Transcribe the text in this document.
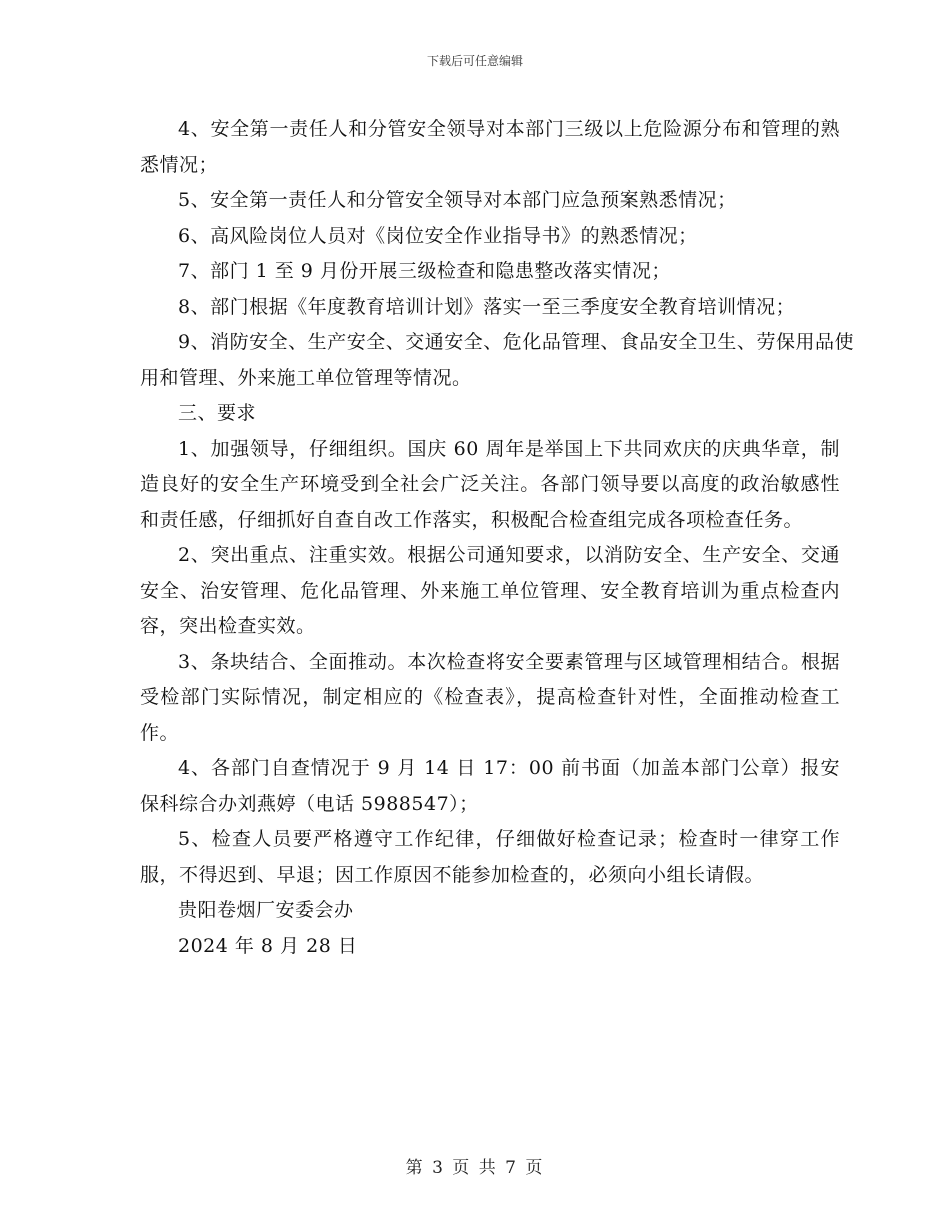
下载后可任意编辑

4、安全第一责任人和分管安全领导对本部门三级以上危险源分布和管理的熟悉情况；

5、安全第一责任人和分管安全领导对本部门应急预案熟悉情况；

6、高风险岗位人员对《岗位安全作业指导书》的熟悉情况；

7、部门 1 至 9 月份开展三级检查和隐患整改落实情况；

8、部门根据《年度教育培训计划》落实一至三季度安全教育培训情况；

9、消防安全、生产安全、交通安全、危化品管理、食品安全卫生、劳保用品使用和管理、外来施工单位管理等情况。

三、要求

1、加强领导，仔细组织。国庆 60 周年是举国上下共同欢庆的庆典华章，制造良好的安全生产环境受到全社会广泛关注。各部门领导要以高度的政治敏感性和责任感，仔细抓好自查自改工作落实，积极配合检查组完成各项检查任务。

2、突出重点、注重实效。根据公司通知要求，以消防安全、生产安全、交通安全、治安管理、危化品管理、外来施工单位管理、安全教育培训为重点检查内容，突出检查实效。

3、条块结合、全面推动。本次检查将安全要素管理与区域管理相结合。根据受检部门实际情况，制定相应的《检查表》，提高检查针对性，全面推动检查工作。

4、各部门自查情况于 9 月 14 日 17：00 前书面（加盖本部门公章）报安保科综合办刘燕婷（电话 5988547）；

5、检查人员要严格遵守工作纪律，仔细做好检查记录；检查时一律穿工作服，不得迟到、早退；因工作原因不能参加检查的，必须向小组长请假。

贵阳卷烟厂安委会办

2024 年 8 月 28 日

第 3 页 共 7 页
